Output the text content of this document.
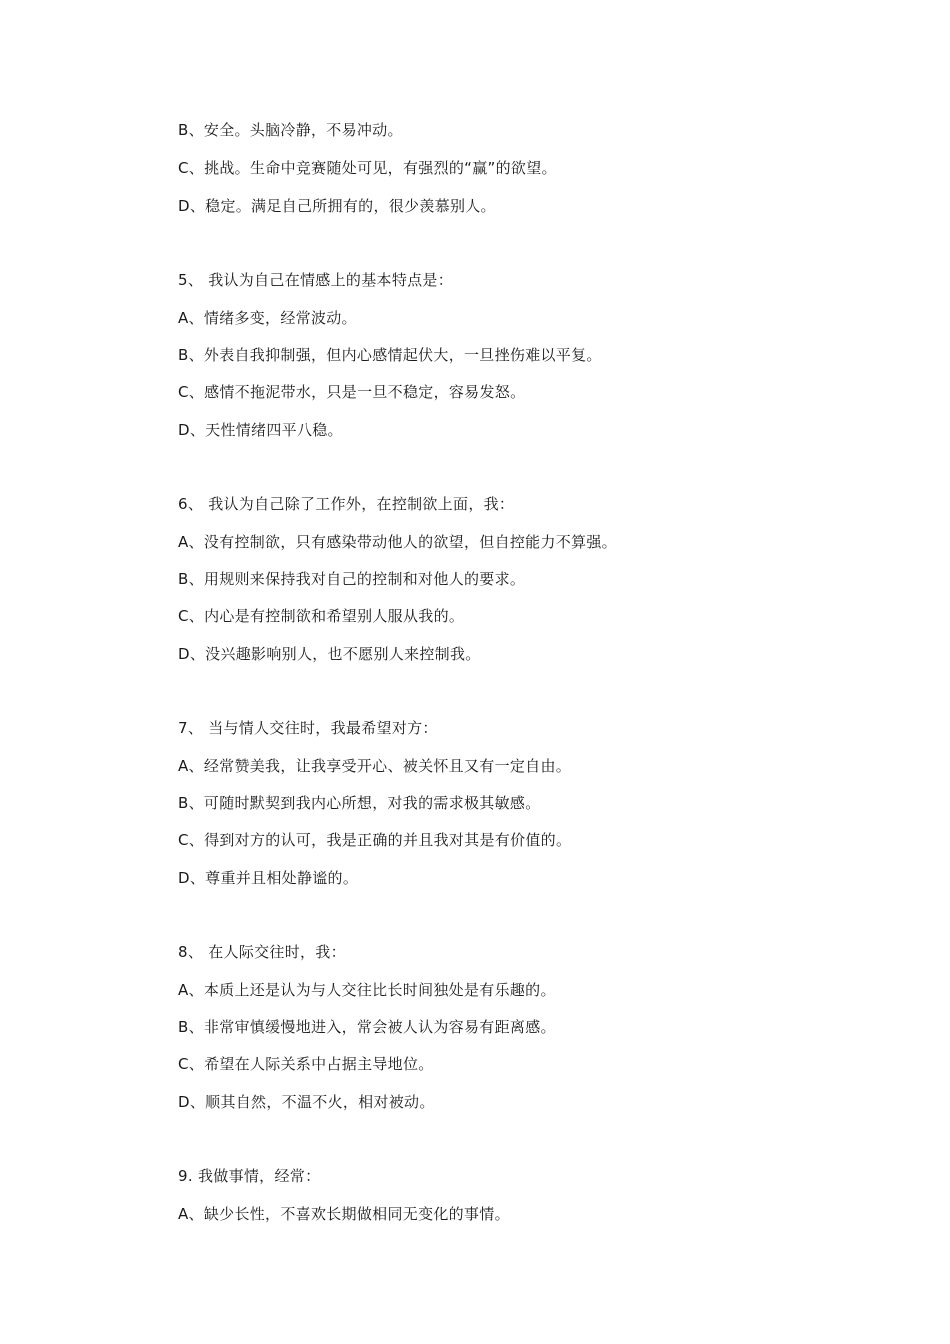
B、安全。头脑冷静，不易冲动。
C、挑战。生命中竞赛随处可见，有强烈的“赢”的欲望。
D、稳定。满足自己所拥有的，很少羡慕别人。
5、 我认为自己在情感上的基本特点是：
A、情绪多变，经常波动。
B、外表自我抑制强，但内心感情起伏大，一旦挫伤难以平复。
C、感情不拖泥带水，只是一旦不稳定，容易发怒。
D、天性情绪四平八稳。
6、 我认为自己除了工作外，在控制欲上面，我：
A、没有控制欲，只有感染带动他人的欲望，但自控能力不算强。
B、用规则来保持我对自己的控制和对他人的要求。
C、内心是有控制欲和希望别人服从我的。
D、没兴趣影响别人，也不愿别人来控制我。
7、 当与情人交往时，我最希望对方：
A、经常赞美我，让我享受开心、被关怀且又有一定自由。
B、可随时默契到我内心所想，对我的需求极其敏感。
C、得到对方的认可，我是正确的并且我对其是有价值的。
D、尊重并且相处静谧的。
8、 在人际交往时，我：
A、本质上还是认为与人交往比长时间独处是有乐趣的。
B、非常审慎缓慢地进入，常会被人认为容易有距离感。
C、希望在人际关系中占据主导地位。
D、顺其自然，不温不火，相对被动。
9. 我做事情，经常：
A、缺少长性，不喜欢长期做相同无变化的事情。
